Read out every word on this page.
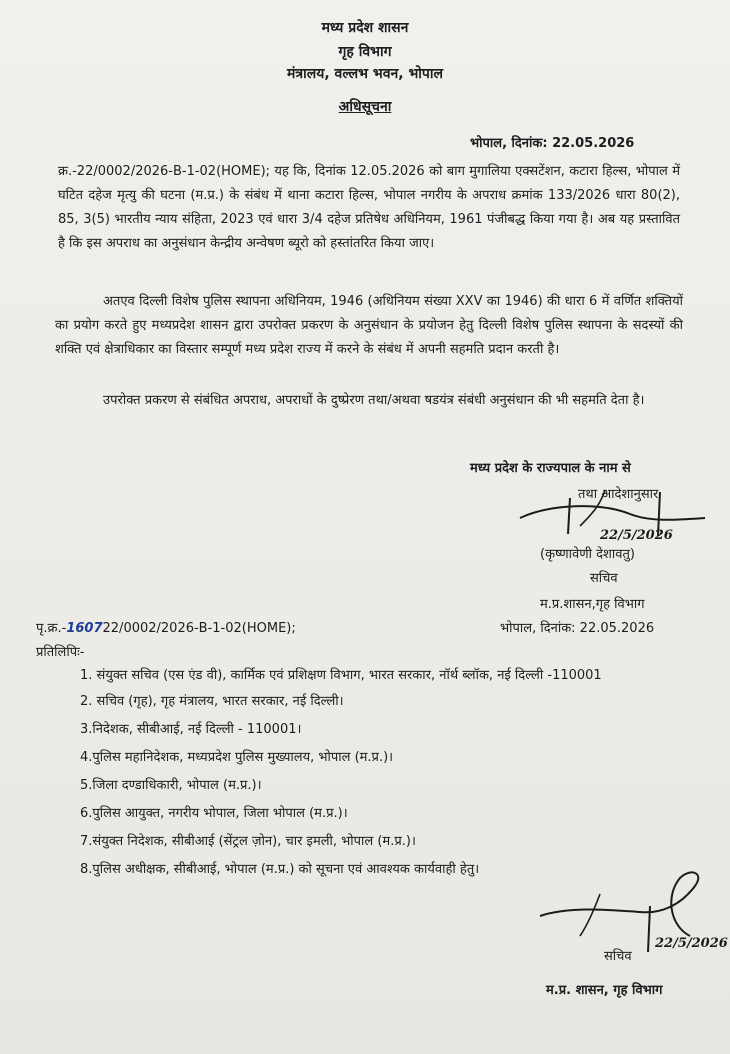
मध्य प्रदेश शासन
गृह विभाग
मंत्रालय, वल्लभ भवन, भोपाल
अधिसूचना
भोपाल, दिनांक: 22.05.2026
क्र.-22/0002/2026-B-1-02(HOME); यह कि, दिनांक 12.05.2026 को बाग मुगालिया एक्सटेंशन, कटारा हिल्स, भोपाल में घटित दहेज मृत्यु की घटना (म.प्र.) के संबंध में थाना कटारा हिल्स, भोपाल नगरीय के अपराध क्रमांक 133/2026 धारा 80(2), 85, 3(5) भारतीय न्याय संहिता, 2023 एवं धारा 3/4 दहेज प्रतिषेध अधिनियम, 1961 पंजीबद्ध किया गया है। अब यह प्रस्तावित है कि इस अपराध का अनुसंधान केन्द्रीय अन्वेषण ब्यूरो को हस्तांतरित किया जाए।
अतएव दिल्ली विशेष पुलिस स्थापना अधिनियम, 1946 (अधिनियम संख्या XXV का 1946) की धारा 6 में वर्णित शक्तियों का प्रयोग करते हुए मध्यप्रदेश शासन द्वारा उपरोक्त प्रकरण के अनुसंधान के प्रयोजन हेतु दिल्ली विशेष पुलिस स्थापना के सदस्यों की शक्ति एवं क्षेत्राधिकार का विस्तार सम्पूर्ण मध्य प्रदेश राज्य में करने के संबंध में अपनी सहमति प्रदान करती है।
उपरोक्त प्रकरण से संबंधित अपराध, अपराधों के दुष्प्रेरण तथा/अथवा षडयंत्र संबंधी अनुसंधान की भी सहमति देता है।
मध्य प्रदेश के राज्यपाल के नाम से
तथा आदेशानुसार
22/5/2026
(कृष्णावेणी देशावतु)
सचिव
म.प्र.शासन,गृह विभाग
पृ.क्र.-160722/0002/2026-B-1-02(HOME);	भोपाल, दिनांक: 22.05.2026
प्रतिलिपिः-
1. संयुक्त सचिव (एस एंड वी), कार्मिक एवं प्रशिक्षण विभाग, भारत सरकार, नॉर्थ ब्लॉक, नई दिल्ली -110001
2. सचिव (गृह), गृह मंत्रालय, भारत सरकार, नई दिल्ली।
3.निदेशक, सीबीआई, नई दिल्ली - 110001।
4.पुलिस महानिदेशक, मध्यप्रदेश पुलिस मुख्यालय, भोपाल (म.प्र.)।
5.जिला दण्डाधिकारी, भोपाल (म.प्र.)।
6.पुलिस आयुक्त, नगरीय भोपाल, जिला भोपाल (म.प्र.)।
7.संयुक्त निदेशक, सीबीआई (सेंट्रल ज़ोन), चार इमली, भोपाल (म.प्र.)।
8.पुलिस अधीक्षक, सीबीआई, भोपाल (म.प्र.) को सूचना एवं आवश्यक कार्यवाही हेतु।
22/5/2026
सचिव
म.प्र. शासन, गृह विभाग
